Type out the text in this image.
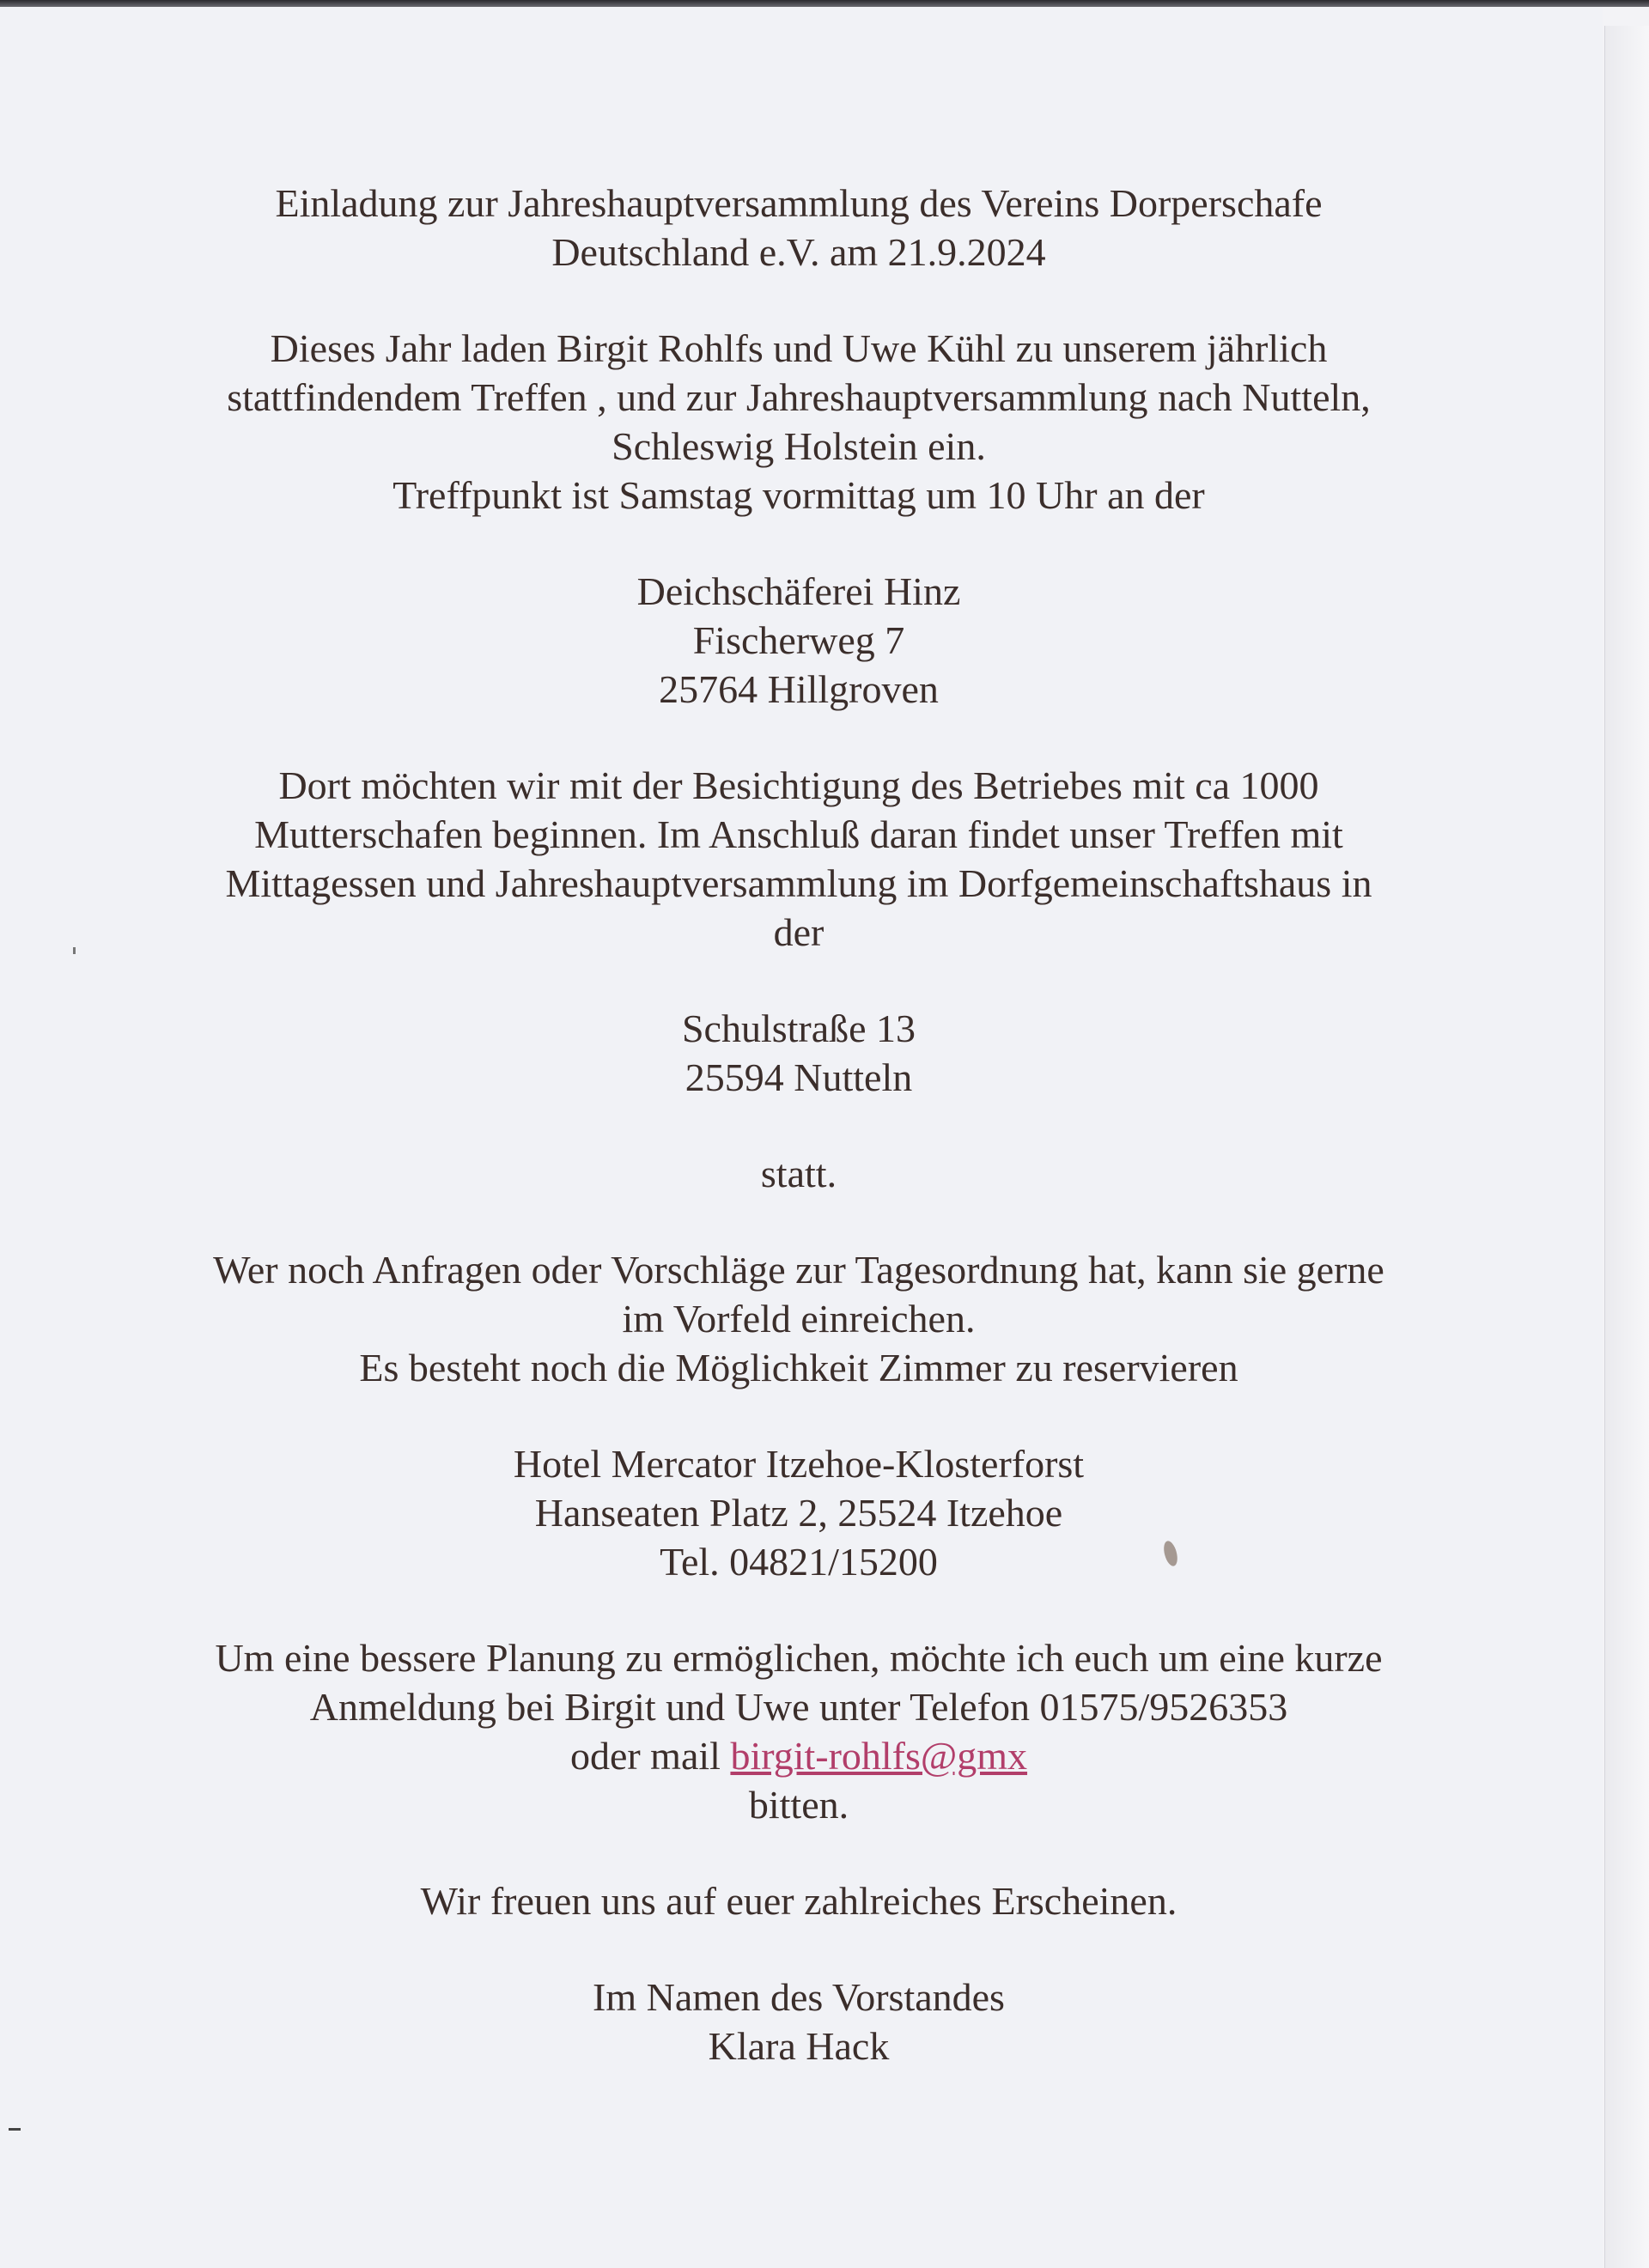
Einladung zur Jahreshauptversammlung des Vereins Dorperschafe

Deutschland e.V. am 21.9.2024

Dieses Jahr laden Birgit Rohlfs und Uwe Kühl zu unserem jährlich

stattfindendem Treffen , und zur Jahreshauptversammlung nach Nutteln,

Schleswig Holstein ein.

Treffpunkt ist Samstag vormittag um 10 Uhr an der

Deichschäferei Hinz

Fischerweg 7

25764 Hillgroven

Dort möchten wir mit der Besichtigung des Betriebes mit ca 1000

Mutterschafen beginnen. Im Anschluß daran findet unser Treffen mit

Mittagessen und Jahreshauptversammlung im Dorfgemeinschaftshaus in

der

Schulstraße 13

25594 Nutteln

statt.

Wer noch Anfragen oder Vorschläge zur Tagesordnung hat, kann sie gerne

im Vorfeld einreichen.

Es besteht noch die Möglichkeit Zimmer zu reservieren

Hotel Mercator Itzehoe-Klosterforst

Hanseaten Platz 2, 25524 Itzehoe

Tel. 04821/15200

Um eine bessere Planung zu ermöglichen, möchte ich euch um eine kurze

Anmeldung bei Birgit und Uwe unter Telefon 01575/9526353

oder mail birgit-rohlfs@gmx

bitten.

Wir freuen uns auf euer zahlreiches Erscheinen.

Im Namen des Vorstandes

Klara Hack
